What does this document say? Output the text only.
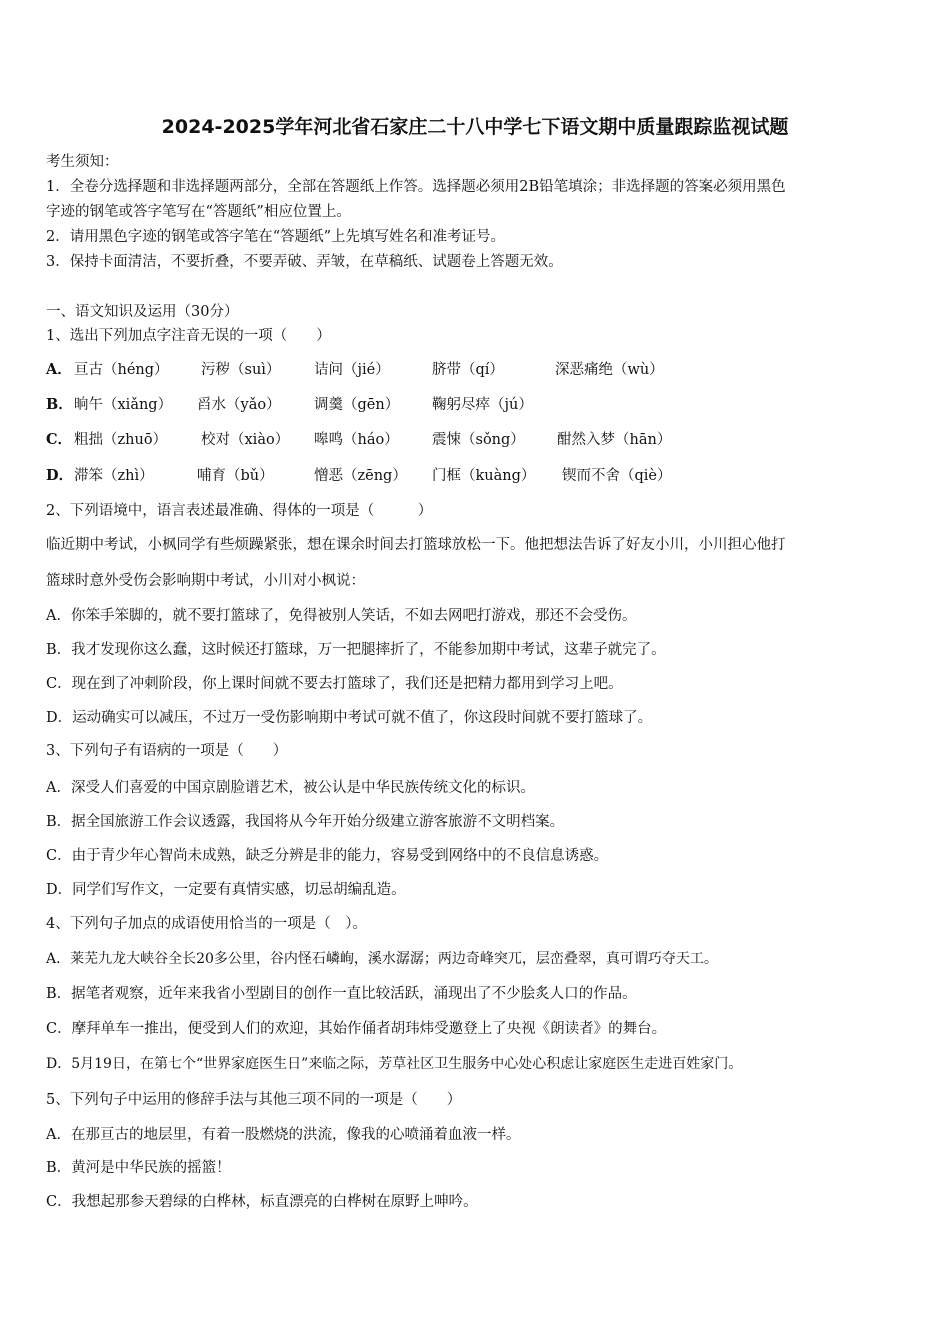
2024-2025学年河北省石家庄二十八中学七下语文期中质量跟踪监视试题
考生须知：
1．全卷分选择题和非选择题两部分，全部在答题纸上作答。选择题必须用2B铅笔填涂；非选择题的答案必须用黑色
字迹的钢笔或答字笔写在“答题纸”相应位置上。
2．请用黑色字迹的钢笔或答字笔在“答题纸”上先填写姓名和准考证号。
3．保持卡面清洁，不要折叠，不要弄破、弄皱，在草稿纸、试题卷上答题无效。
一、语文知识及运用（30分）
1、选出下列加点字注音无误的一项（　　）
A． 亘古（héng） 污秽（suì） 诘问（jié）	脐带（qí）	深恶痛绝（wù）
B． 晌午（xiǎng） 舀水（yǎo） 调羹（gēn） 鞠躬尽瘁（jú）
C． 粗拙（zhuō） 校对（xiào） 嗥鸣（háo） 震悚（sǒng） 酣然入梦（hān）
D． 滞笨（zhì）	哺育（bǔ）	憎恶（zēng） 门框（kuàng） 锲而不舍（qiè）
2、下列语境中，语言表述最准确、得体的一项是（　　　）
临近期中考试，小枫同学有些烦躁紧张，想在课余时间去打篮球放松一下。他把想法告诉了好友小川，小川担心他打
篮球时意外受伤会影响期中考试，小川对小枫说：
A．你笨手笨脚的，就不要打篮球了，免得被别人笑话，不如去网吧打游戏，那还不会受伤。
B．我才发现你这么蠢，这时候还打篮球，万一把腿摔折了，不能参加期中考试，这辈子就完了。
C．现在到了冲刺阶段，你上课时间就不要去打篮球了，我们还是把精力都用到学习上吧。
D．运动确实可以减压，不过万一受伤影响期中考试可就不值了，你这段时间就不要打篮球了。
3、下列句子有语病的一项是（　　）
A．深受人们喜爱的中国京剧脸谱艺术，被公认是中华民族传统文化的标识。
B．据全国旅游工作会议透露，我国将从今年开始分级建立游客旅游不文明档案。
C．由于青少年心智尚未成熟，缺乏分辨是非的能力，容易受到网络中的不良信息诱惑。
D．同学们写作文，一定要有真情实感，切忌胡编乱造。
4、下列句子加点的成语使用恰当的一项是（　）。
A．莱芜九龙大峡谷全长20多公里，谷内怪石嶙峋，溪水潺潺；两边奇峰突兀，层峦叠翠，真可谓巧夺天工。
B．据笔者观察，近年来我省小型剧目的创作一直比较活跃，涌现出了不少脍炙人口的作品。
C．摩拜单车一推出，便受到人们的欢迎，其始作俑者胡玮炜受邀登上了央视《朗读者》的舞台。
D．5月19日，在第七个“世界家庭医生日”来临之际，芳草社区卫生服务中心处心积虑让家庭医生走进百姓家门。
5、下列句子中运用的修辞手法与其他三项不同的一项是（　　）
A．在那亘古的地层里，有着一股燃烧的洪流，像我的心喷涌着血液一样。
B．黄河是中华民族的摇篮！
C．我想起那参天碧绿的白桦林，标直漂亮的白桦树在原野上呻吟。
